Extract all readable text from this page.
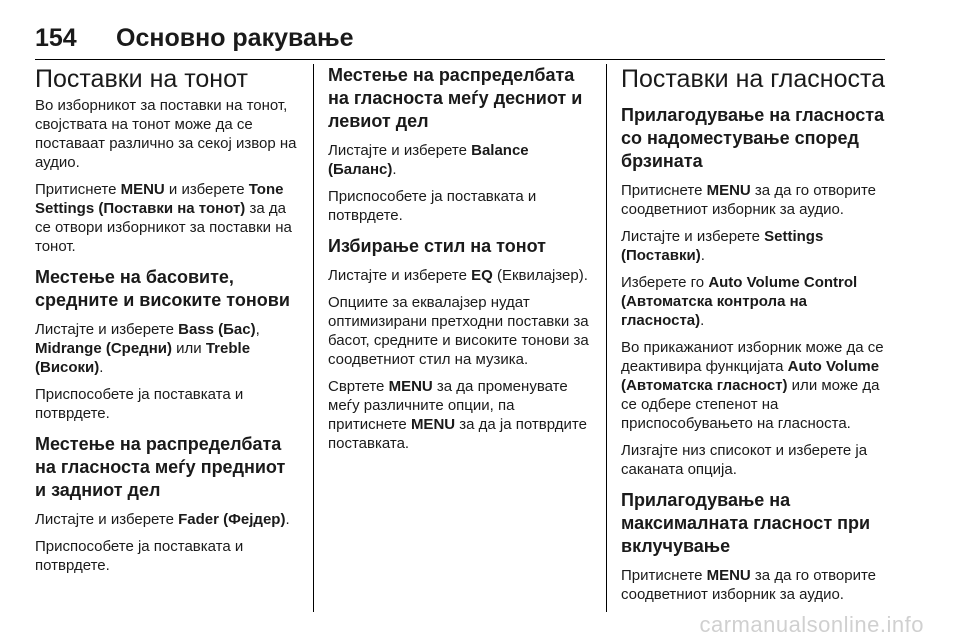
154 Основно ракување
Поставки на тонот

Во изборникот за поставки на тонот, својствата на тонот може да се поставаат различно за секој извор на аудио.

Притиснете MENU и изберете Tone Settings (Поставки на тонот) за да се отвори изборникот за поставки на тонот.

Местење на басовите, средните и високите тонови

Листајте и изберете Bass (Бас), Midrange (Средни) или Treble (Високи).

Приспособете ја поставката и потврдете.

Местење на распределбата на гласноста меѓу предниот и задниот дел

Листајте и изберете Fader (Фејдер).

Приспособете ја поставката и потврдете.

Местење на распределбата на гласноста меѓу десниот и левиот дел

Листајте и изберете Balance (Баланс).

Приспособете ја поставката и потврдете.

Избирање стил на тонот

Листајте и изберете EQ (Еквилајзер).

Опциите за еквалајзер нудат оптимизирани претходни поставки за басот, средните и високите тонови за соодветниот стил на музика.

Свртете MENU за да променувате меѓу различните опции, па притиснете MENU за да ја потврдите поставката.

Поставки на гласноста
Прилагодување на гласноста со надоместување според брзината

Притиснете MENU за да го отворите соодветниот изборник за аудио.

Листајте и изберете Settings (Поставки).

Изберете го Auto Volume Control (Автоматска контрола на гласноста).

Во прикажаниот изборник може да се деактивира функцијата Auto Volume (Автоматска гласност) или може да се одбере степенот на приспособувањето на гласноста.

Лизгајте низ списокот и изберете ја саканата опција.

Прилагодување на максималната гласност при вклучување

Притиснете MENU за да го отворите соодветниот изборник за аудио.

carmanualsonline.info
